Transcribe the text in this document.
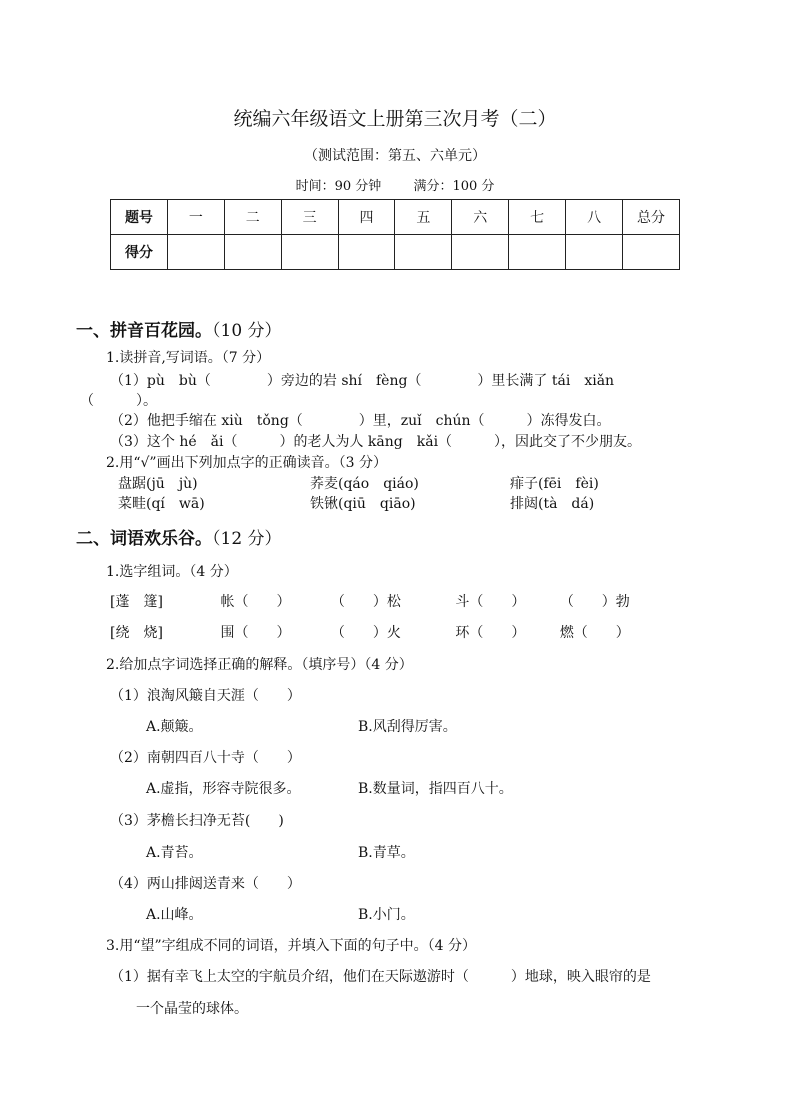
统编六年级语文上册第三次月考（二）
（测试范围：第五、六单元）
时间：90 分钟 满分：100 分
题号	一	二	三	四	五	六	七	八	总分
得分									
一、拼音百花园。（10 分）
1.读拼音,写词语。（7 分）
（1）pù　bù（　　　　）旁边的岩 shí　fèng（　　　　）里长满了 tái　xiǎn
（　　　）。
（2）他把手缩在 xiù　tǒng（　　　　）里，zuǐ　chún（　　　）冻得发白。
（3）这个 hé　ǎi（　　　）的老人为人 kāng　kǎi（　　　），因此交了不少朋友。
2.用“√”画出下列加点字的正确读音。（3 分）
盘踞(jū　jù)	荞麦(qáo　qiáo)	痱子(fēi　fèi)
菜畦(qí　wā)	铁锹(qiū　qiāo)	排闼(tà　dá)
二、词语欢乐谷。（12 分）
1.选字组词。（4 分）
[蓬　篷]	帐（　　）	（　　）松	斗（　　） （　　）勃
[绕　烧]	围（　　）	（　　）火	环（　　） 燃（　　）
2.给加点字词选择正确的解释。（填序号）（4 分）
（1）浪淘风簸自天涯（　　）
A.颠簸。	B.风刮得厉害。
（2）南朝四百八十寺（　　）
A.虚指，形容寺院很多。	B.数量词，指四百八十。
（3）茅檐长扫净无苔(　　)
A.青苔。	B.青草。
（4）两山排闼送青来（　　）
A.山峰。	B.小门。
3.用“望”字组成不同的词语，并填入下面的句子中。（4 分）
（1）据有幸飞上太空的宇航员介绍，他们在天际遨游时（　　　）地球，映入眼帘的是
一个晶莹的球体。
